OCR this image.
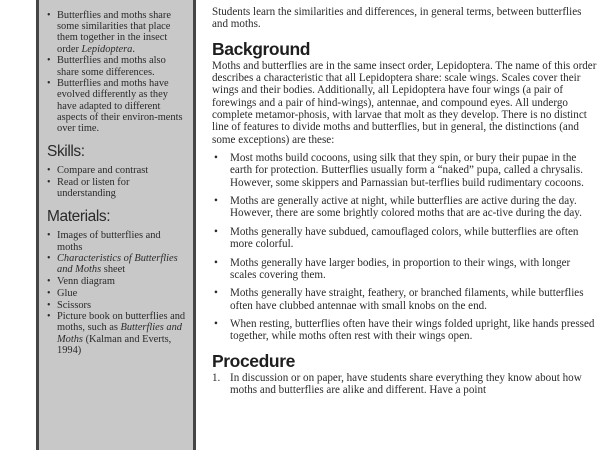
• Butterflies and moths share some similarities that place them together in the insect order Lepidoptera.
• Butterflies and moths also share some differences.
• Butterflies and moths have evolved differently as they have adapted to different aspects of their environ-ments over time.
Skills:
• Compare and contrast
• Read or listen for understanding
Materials:
• Images of butterflies and moths
• Characteristics of Butterflies and Moths sheet
• Venn diagram
• Glue
• Scissors
• Picture book on butterflies and moths, such as Butterflies and Moths (Kalman and Everts, 1994)

Students learn the similarities and differences, in general terms, between butterflies and moths.

Background

Moths and butterflies are in the same insect order, Lepidoptera. The name of this order describes a characteristic that all Lepidoptera share: scale wings. Scales cover their wings and their bodies. Additionally, all Lepidoptera have four wings (a pair of forewings and a pair of hind-wings), antennae, and compound eyes. All undergo complete metamor-phosis, with larvae that molt as they develop. There is no distinct line of features to divide moths and butterflies, but in general, the distinctions (and some exceptions) are these:

• Most moths build cocoons, using silk that they spin, or bury their pupae in the earth for protection. Butterflies usually form a “naked” pupa, called a chrysalis. However, some skippers and Parnassian but-terflies build rudimentary cocoons.
• Moths are generally active at night, while butterflies are active during the day. However, there are some brightly colored moths that are ac-tive during the day.
• Moths generally have subdued, camouflaged colors, while butterflies are often more colorful.
• Moths generally have larger bodies, in proportion to their wings, with longer scales covering them.
• Moths generally have straight, feathery, or branched filaments, while butterflies often have clubbed antennae with small knobs on the end.
• When resting, butterflies often have their wings folded upright, like hands pressed together, while moths often rest with their wings open.
Procedure
1. In discussion or on paper, have students share everything they know about how moths and butterflies are alike and different. Have a point
